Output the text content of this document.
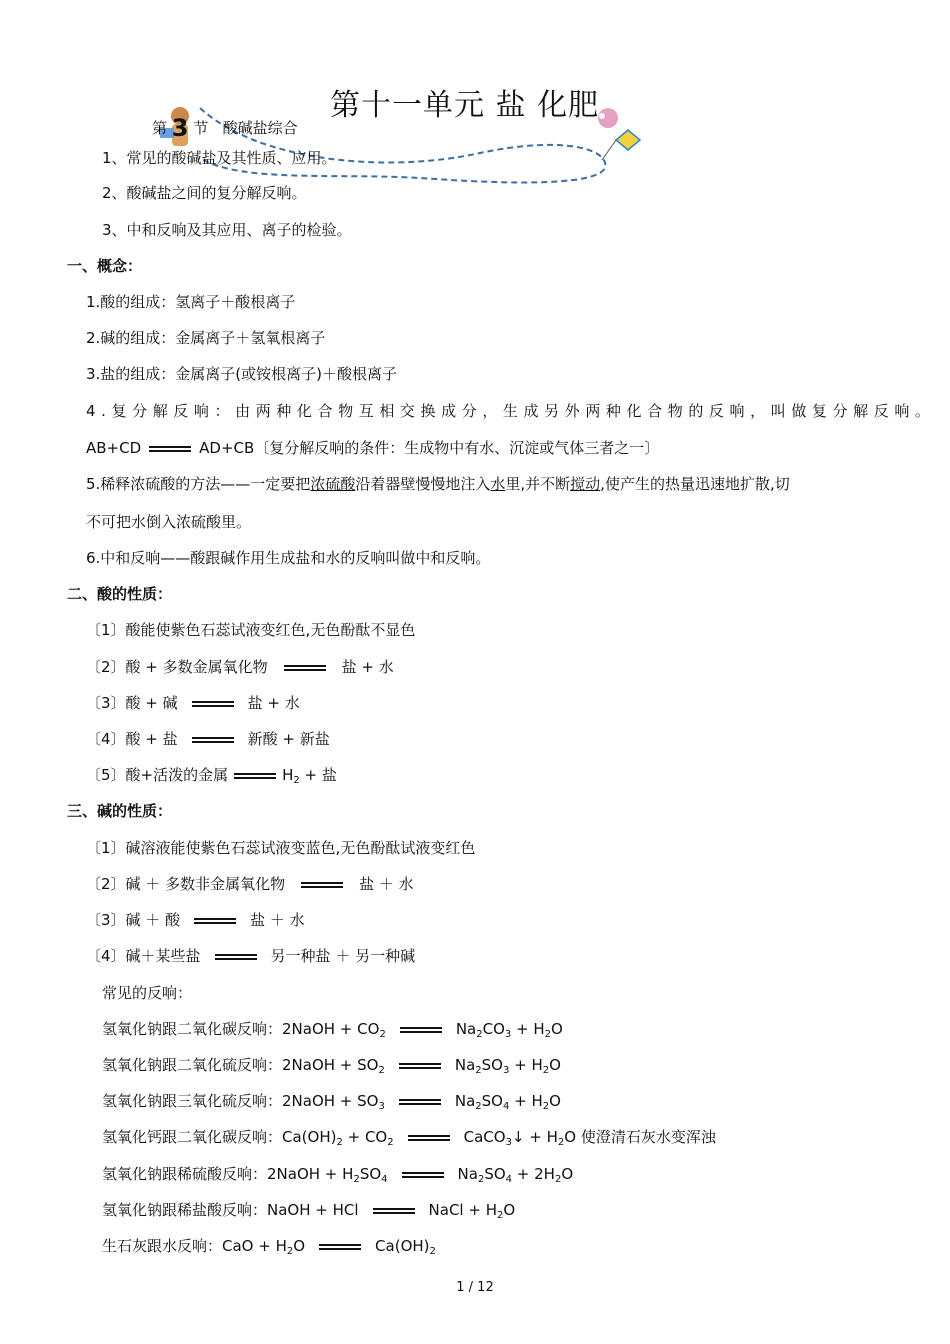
第十一单元 盐 化肥
第 3 节 酸碱盐综合
1、常见的酸碱盐及其性质、应用。
2、酸碱盐之间的复分解反响。
3、中和反响及其应用、离子的检验。
一、概念：
1.酸的组成：氢离子＋酸根离子
2.碱的组成：金属离子＋氢氧根离子
3.盐的组成：金属离子(或铵根离子)＋酸根离子
4.复分解反响：由两种化合物互相交换成分，生成另外两种化合物的反响，叫做复分解反响。
AB+CD	AD+CB〔复分解反响的条件：生成物中有水、沉淀或气体三者之一〕
5.稀释浓硫酸的方法——一定要把浓硫酸沿着器壁慢慢地注入水里,并不断搅动,使产生的热量迅速地扩散,切
不可把水倒入浓硫酸里。
6.中和反响——酸跟碱作用生成盐和水的反响叫做中和反响。
二、酸的性质：
〔1〕酸能使紫色石蕊试液变红色,无色酚酞不显色
〔2〕酸 + 多数金属氧化物	盐 + 水
〔3〕酸 + 碱	盐 + 水
〔4〕酸 + 盐	新酸 + 新盐
〔5〕酸+活泼的金属	$H_2$ + 盐
三、碱的性质：
〔1〕碱溶液能使紫色石蕊试液变蓝色,无色酚酞试液变红色
〔2〕碱 ＋ 多数非金属氧化物	盐 ＋ 水
〔3〕碱 ＋ 酸	盐 ＋ 水
〔4〕碱＋某些盐	另一种盐 ＋ 另一种碱
常见的反响：
氢氧化钠跟二氧化碳反响：2NaOH + $CO_2$	$Na_2CO_3 + H_2O$
氢氧化钠跟二氧化硫反响：2NaOH + $SO_2$	$Na_2SO_3 + H_2O$
氢氧化钠跟三氧化硫反响：2NaOH + $SO_3$	$Na_2SO_4 + H_2O$
氢氧化钙跟二氧化碳反响：$Ca(OH)_2 + CO_2$	CaCO$_3$↓ + $H_2O$ 使澄清石灰水变浑浊
氢氧化钠跟稀硫酸反响：2NaOH + $H_2SO_4$	$Na_2SO_4 + 2H_2O$
氢氧化钠跟稀盐酸反响：NaOH + HCl	NaCl + $H_2O$
生石灰跟水反响：CaO + $H_2O$	$Ca(OH)_2$
1 / 12
